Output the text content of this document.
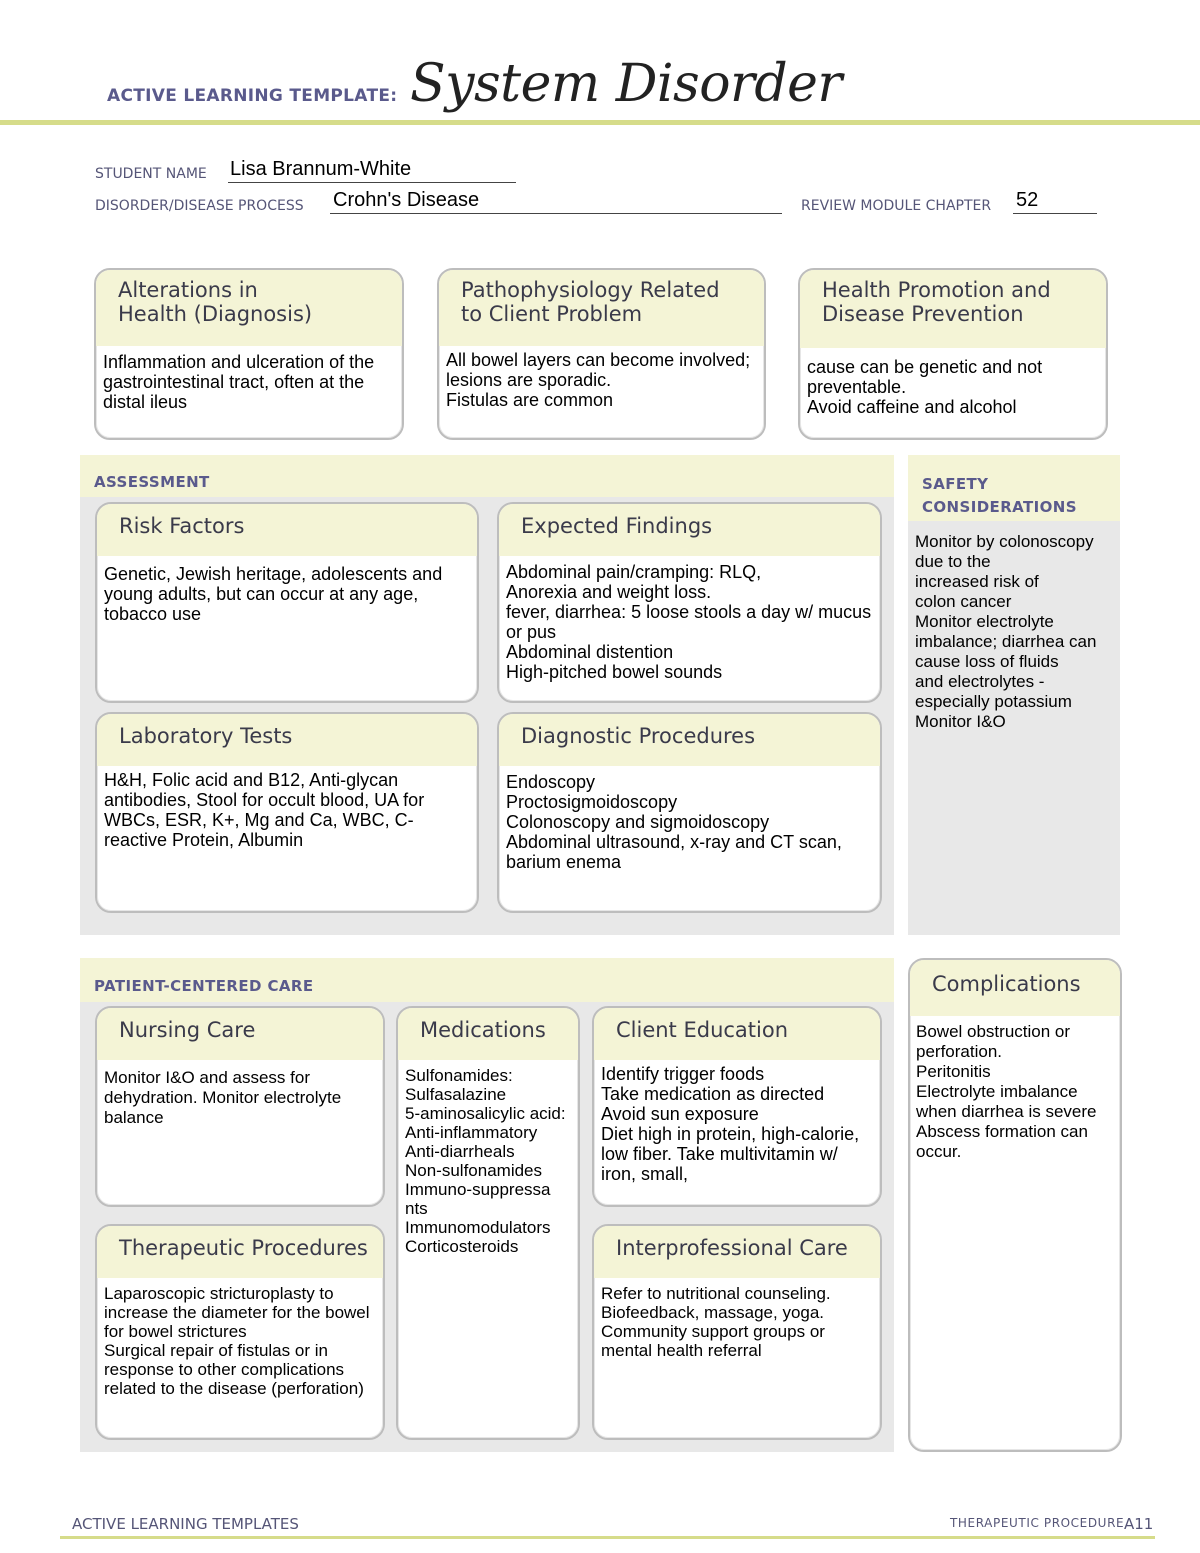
ACTIVE LEARNING TEMPLATE: System Disorder
STUDENT NAME Lisa Brannum-White
DISORDER/DISEASE PROCESS Crohn's Disease	REVIEW MODULE CHAPTER 52
Alterations in
Health (Diagnosis)
Inflammation and ulceration of the gastrointestinal tract, often at the distal ileus
Pathophysiology Related
to Client Problem
All bowel layers can become involved; lesions are sporadic.
Fistulas are common
Health Promotion and
Disease Prevention
cause can be genetic and not preventable.
Avoid caffeine and alcohol
ASSESSMENT
Risk Factors
Genetic, Jewish heritage, adolescents and young adults, but can occur at any age, tobacco use
Expected Findings
Abdominal pain/cramping: RLQ,
Anorexia and weight loss.
fever, diarrhea: 5 loose stools a day w/ mucus or pus
Abdominal distention
High-pitched bowel sounds
Laboratory Tests
H&H, Folic acid and B12, Anti-glycan antibodies, Stool for occult blood, UA for WBCs, ESR, K+, Mg and Ca, WBC, C-reactive Protein, Albumin
Diagnostic Procedures
Endoscopy
Proctosigmoidoscopy
Colonoscopy and sigmoidoscopy
Abdominal ultrasound, x-ray and CT scan, barium enema
SAFETY
CONSIDERATIONS
Monitor by colonoscopy due to the
increased risk of
colon cancer
Monitor electrolyte imbalance; diarrhea can cause loss of fluids
and electrolytes - especially potassium
Monitor I&O
PATIENT-CENTERED CARE
Nursing Care
Monitor I&O and assess for dehydration. Monitor electrolyte balance
Medications
Sulfonamides:
Sulfasalazine
5-aminosalicylic acid:
Anti-inflammatory
Anti-diarrheals
Non-sulfonamides
Immuno-suppressa
nts
Immunomodulators
Corticosteroids
Client Education
Identify trigger foods
Take medication as directed
Avoid sun exposure
Diet high in protein, high-calorie, low fiber. Take multivitamin w/ iron, small,
Therapeutic Procedures
Laparoscopic stricturoplasty to increase the diameter for the bowel for bowel strictures
Surgical repair of fistulas or in response to other complications related to the disease (perforation)
Interprofessional Care
Refer to nutritional counseling.
Biofeedback, massage, yoga.
Community support groups or mental health referral
Complications
Bowel obstruction or perforation.
Peritonitis
Electrolyte imbalance when diarrhea is severe
Abscess formation can occur.
ACTIVE LEARNING TEMPLATES	THERAPEUTIC PROCEDURE A11
